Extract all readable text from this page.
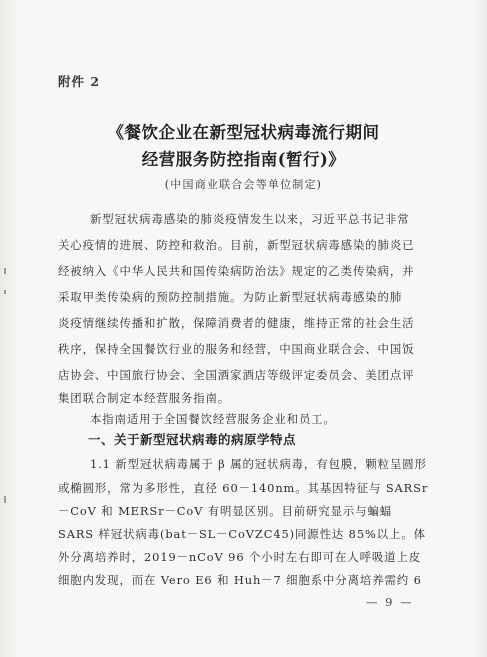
附件 2
《餐饮企业在新型冠状病毒流行期间
经营服务防控指南(暂行)》
(中国商业联合会等单位制定)
新型冠状病毒感染的肺炎疫情发生以来，习近平总书记非常
关心疫情的进展、防控和救治。目前，新型冠状病毒感染的肺炎已
经被纳入《中华人民共和国传染病防治法》规定的乙类传染病，并
采取甲类传染病的预防控制措施。为防止新型冠状病毒感染的肺
炎疫情继续传播和扩散，保障消费者的健康，维持正常的社会生活
秩序，保持全国餐饮行业的服务和经营，中国商业联合会、中国饭
店协会、中国旅行协会、全国酒家酒店等级评定委员会、美团点评
集团联合制定本经营服务指南。
本指南适用于全国餐饮经营服务企业和员工。
一、关于新型冠状病毒的病原学特点
1.1 新型冠状病毒属于 β 属的冠状病毒，有包膜，颗粒呈圆形
或椭圆形，常为多形性，直径 60－140nm。其基因特征与 SARSr
－CoV 和 MERSr－CoV 有明显区别。目前研究显示与蝙蝠
SARS 样冠状病毒(bat－SL－CoVZC45)同源性达 85%以上。体
外分离培养时，2019－nCoV 96 个小时左右即可在人呼吸道上皮
细胞内发现，而在 Vero E6 和 Huh－7 细胞系中分离培养需约 6
— 9 —
